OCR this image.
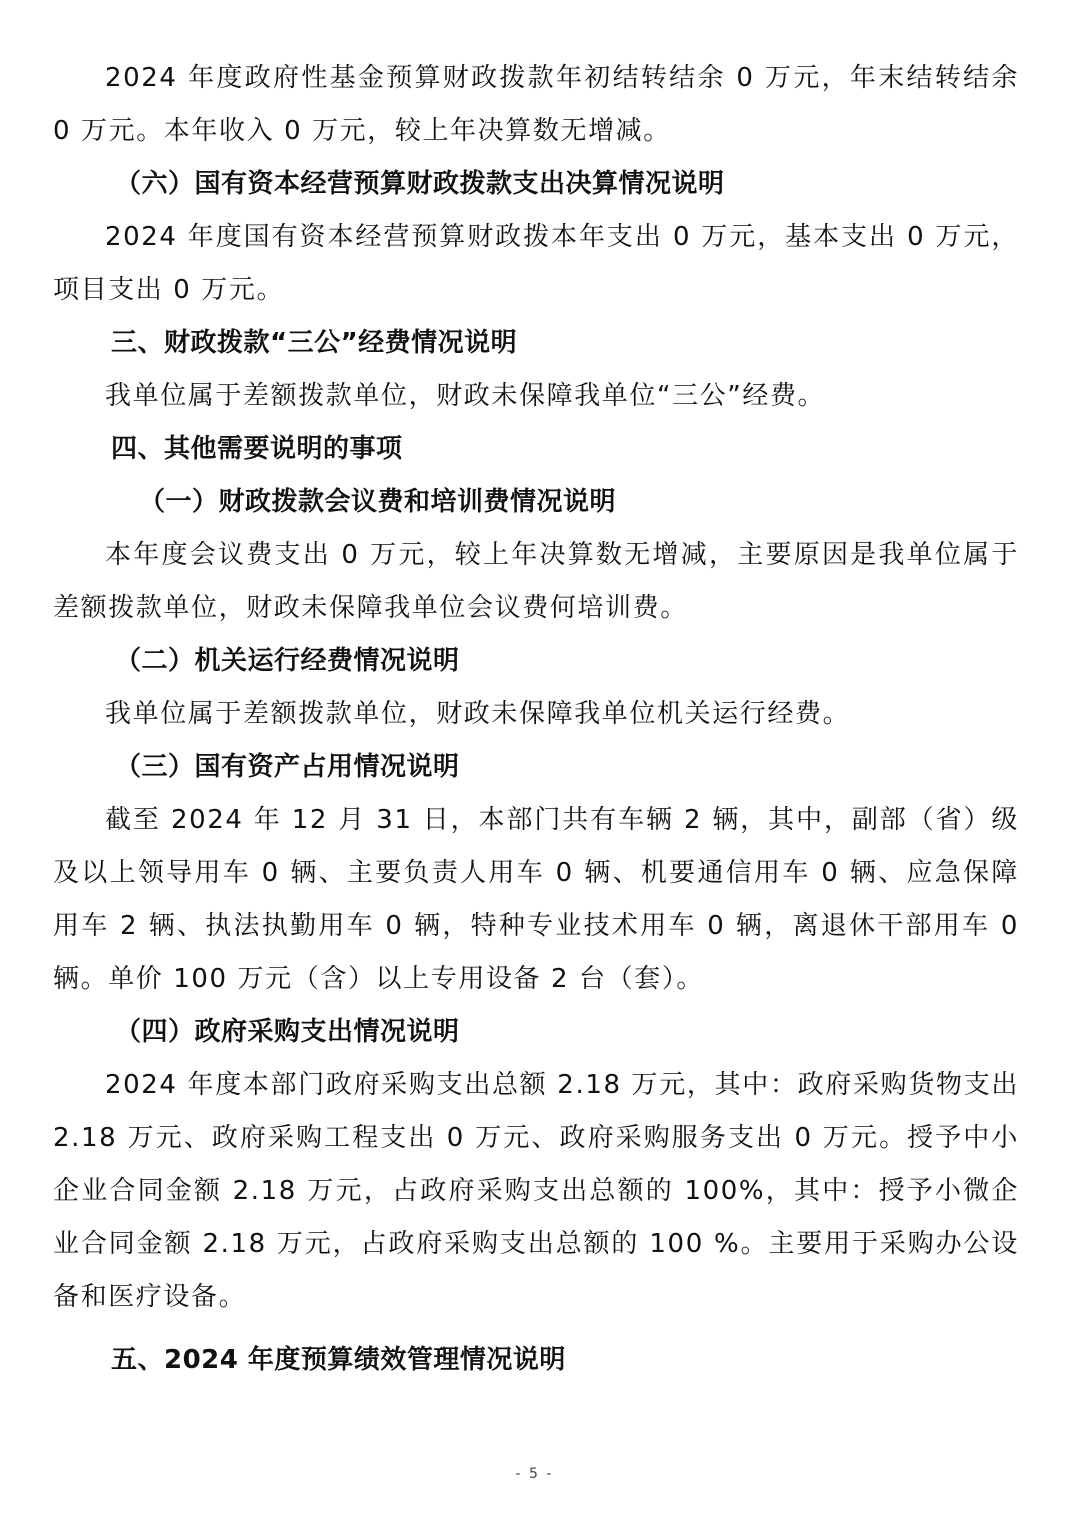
2024 年度政府性基金预算财政拨款年初结转结余 0 万元，年末结转结余 0 万元。本年收入 0 万元，较上年决算数无增减。

（六）国有资本经营预算财政拨款支出决算情况说明

2024 年度国有资本经营预算财政拨本年支出 0 万元，基本支出 0 万元，项目支出 0 万元。

三、财政拨款“三公”经费情况说明

我单位属于差额拨款单位，财政未保障我单位“三公”经费。

四、其他需要说明的事项

（一）财政拨款会议费和培训费情况说明

本年度会议费支出 0 万元，较上年决算数无增减，主要原因是我单位属于差额拨款单位，财政未保障我单位会议费何培训费。

（二）机关运行经费情况说明

我单位属于差额拨款单位，财政未保障我单位机关运行经费。

（三）国有资产占用情况说明

截至 2024 年 12 月 31 日，本部门共有车辆 2 辆，其中，副部（省）级及以上领导用车 0 辆、主要负责人用车 0 辆、机要通信用车 0 辆、应急保障用车 2 辆、执法执勤用车 0 辆，特种专业技术用车 0 辆，离退休干部用车 0 辆。单价 100 万元（含）以上专用设备 2 台（套）。

（四）政府采购支出情况说明

2024 年度本部门政府采购支出总额 2.18 万元，其中：政府采购货物支出 2.18 万元、政府采购工程支出 0 万元、政府采购服务支出 0 万元。授予中小企业合同金额 2.18 万元，占政府采购支出总额的 100%，其中：授予小微企业合同金额 2.18 万元，占政府采购支出总额的 100 %。主要用于采购办公设备和医疗设备。

五、2024 年度预算绩效管理情况说明

- 5 -
